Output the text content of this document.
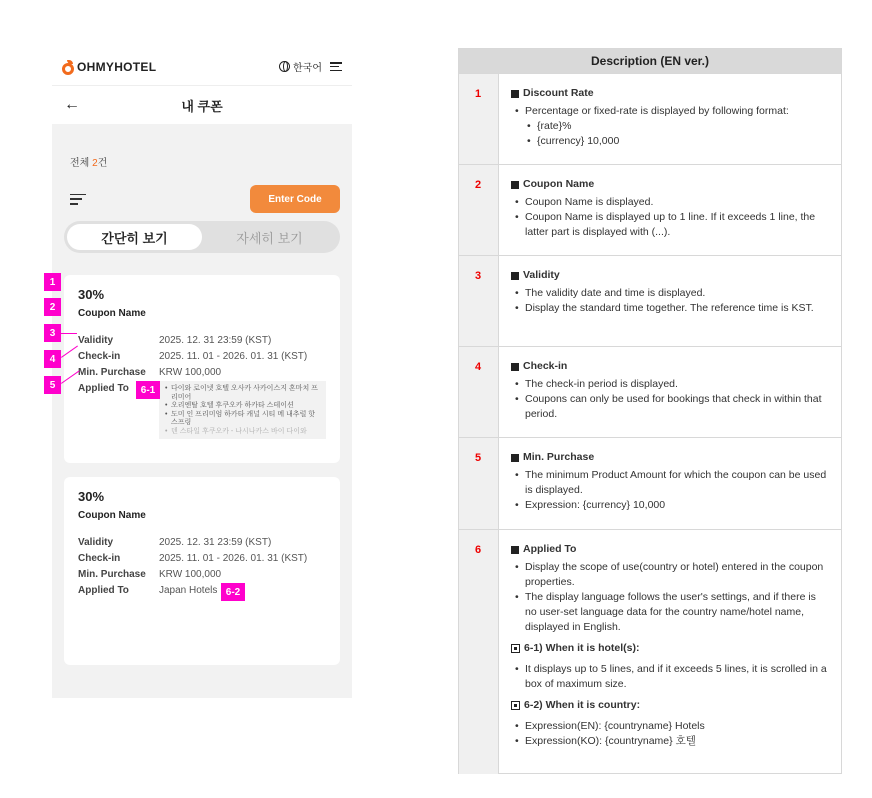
OHMYHOTEL	한국어
←	내 쿠폰
전체 2건
Enter Code
간단히 보기	자세히 보기
30%
Coupon Name
Validity	2025. 12. 31 23:59 (KST)
Check-in	2025. 11. 01 - 2026. 01. 31 (KST)
Min. Purchase	KRW 100,000
Applied To
•	다이와 로이넷 호텔 오사카 사카이스지 혼마치 프리미어
• 오리엔탈 호텔 후쿠오카 하카타 스테이션
• 도미 인 프리미엄 하카타 캐널 시티 메 내추럴 핫 스프링
• 덴 스타일 후쿠오카 - 나시나카스 바이 다이와
30%
Coupon Name
Validity	2025. 12. 31 23:59 (KST)
Check-in	2025. 11. 01 - 2026. 01. 31 (KST)
Min. Purchase	KRW 100,000
Applied To	Japan Hotels
1
2
3
4
5	6-1
6-2
Description (EN ver.)
1	Discount Rate
• Percentage or fixed-rate is displayed by following format:
• {rate}%
• {currency} 10,000
2	Coupon Name
• Coupon Name is displayed.
• Coupon Name is displayed up to 1 line. If it exceeds 1 line, the latter part is displayed with (...).
3	Validity
• The validity date and time is displayed.
• Display the standard time together. The reference time is KST.
4	Check-in
• The check-in period is displayed.
• Coupons can only be used for bookings that check in within that period.
5	Min. Purchase
• The minimum Product Amount for which the coupon can be used is displayed.
• Expression: {currency} 10,000
6	Applied To
• Display the scope of use(country or hotel) entered in the coupon properties.
• The display language follows the user's settings, and if there is no user-set language data for the country name/hotel name, displayed in English.
6-1) When it is hotel(s):
• It displays up to 5 lines, and if it exceeds 5 lines, it is scrolled in a box of maximum size.
6-2) When it is country:
• Expression(EN): {countryname} Hotels
• Expression(KO): {countryname} 호텔
